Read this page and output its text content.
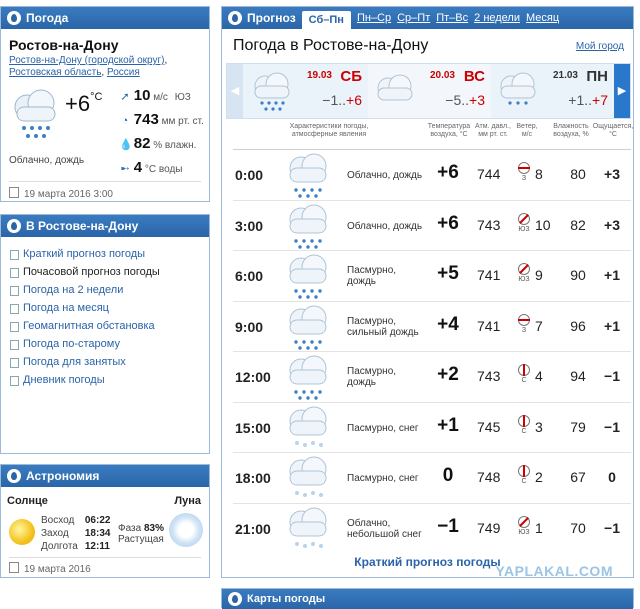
Погода
Ростов-на-Дону
Ростов-на-Дону (городской округ), Ростовская область, Россия
$+6^{^\circ C}$ ➚ 10 м/с ЮЗ
◔ 743 мм рт. ст.
💧 82 % влажн.
➸ 4 °C воды
Облачно, дождь
19 марта 2016 3:00
В Ростове-на-Дону
Краткий прогноз погоды
Почасовой прогноз погоды
Погода на 2 недели
Погода на месяц
Геомагнитная обстановка
Погода по-старому
Погода для занятых
Дневник погоды
Астрономия
Солнце	Луна
Восход	06:22
Заход	18:34
Долгота	12:11
Фаза 83%
Растущая
19 марта 2016
Прогноз	Сб–Пн	Пн–Ср Ср–Пт Пт–Вс 2 недели Месяц
Погода в Ростове-на-Дону	Мой город
◀
19.03 СБ
−1..+6
20.03 ВС
−5..+3
21.03 ПН
+1..+7
▶
Характеристики погоды,
атмосферные явления
Температура
воздуха, °С
Атм. давл.,
мм рт. ст.
Ветер,
м/с
Влажность
воздуха, %
Ощущается,
°С
0:00	Облачно, дождь +6	744	З 8	80	+3
3:00	Облачно, дождь +6	743	ЮЗ 10	82	+3
6:00	Пасмурно,
дождь	+5	741	ЮЗ 9	90	+1
9:00	Пасмурно,
сильный дождь +4	741	З 7	96	+1
12:00	Пасмурно,
дождь	+2	743	С 4	94	−1
15:00	Пасмурно, снег +1	745	С 3	79	−1
18:00	Пасмурно, снег	0	748	С 2	67	0
21:00	Облачно,
небольшой снег −1	749	ЮЗ 1	70	−1
Краткий прогноз погоды
YAPLAKAL.COM
Карты погоды
